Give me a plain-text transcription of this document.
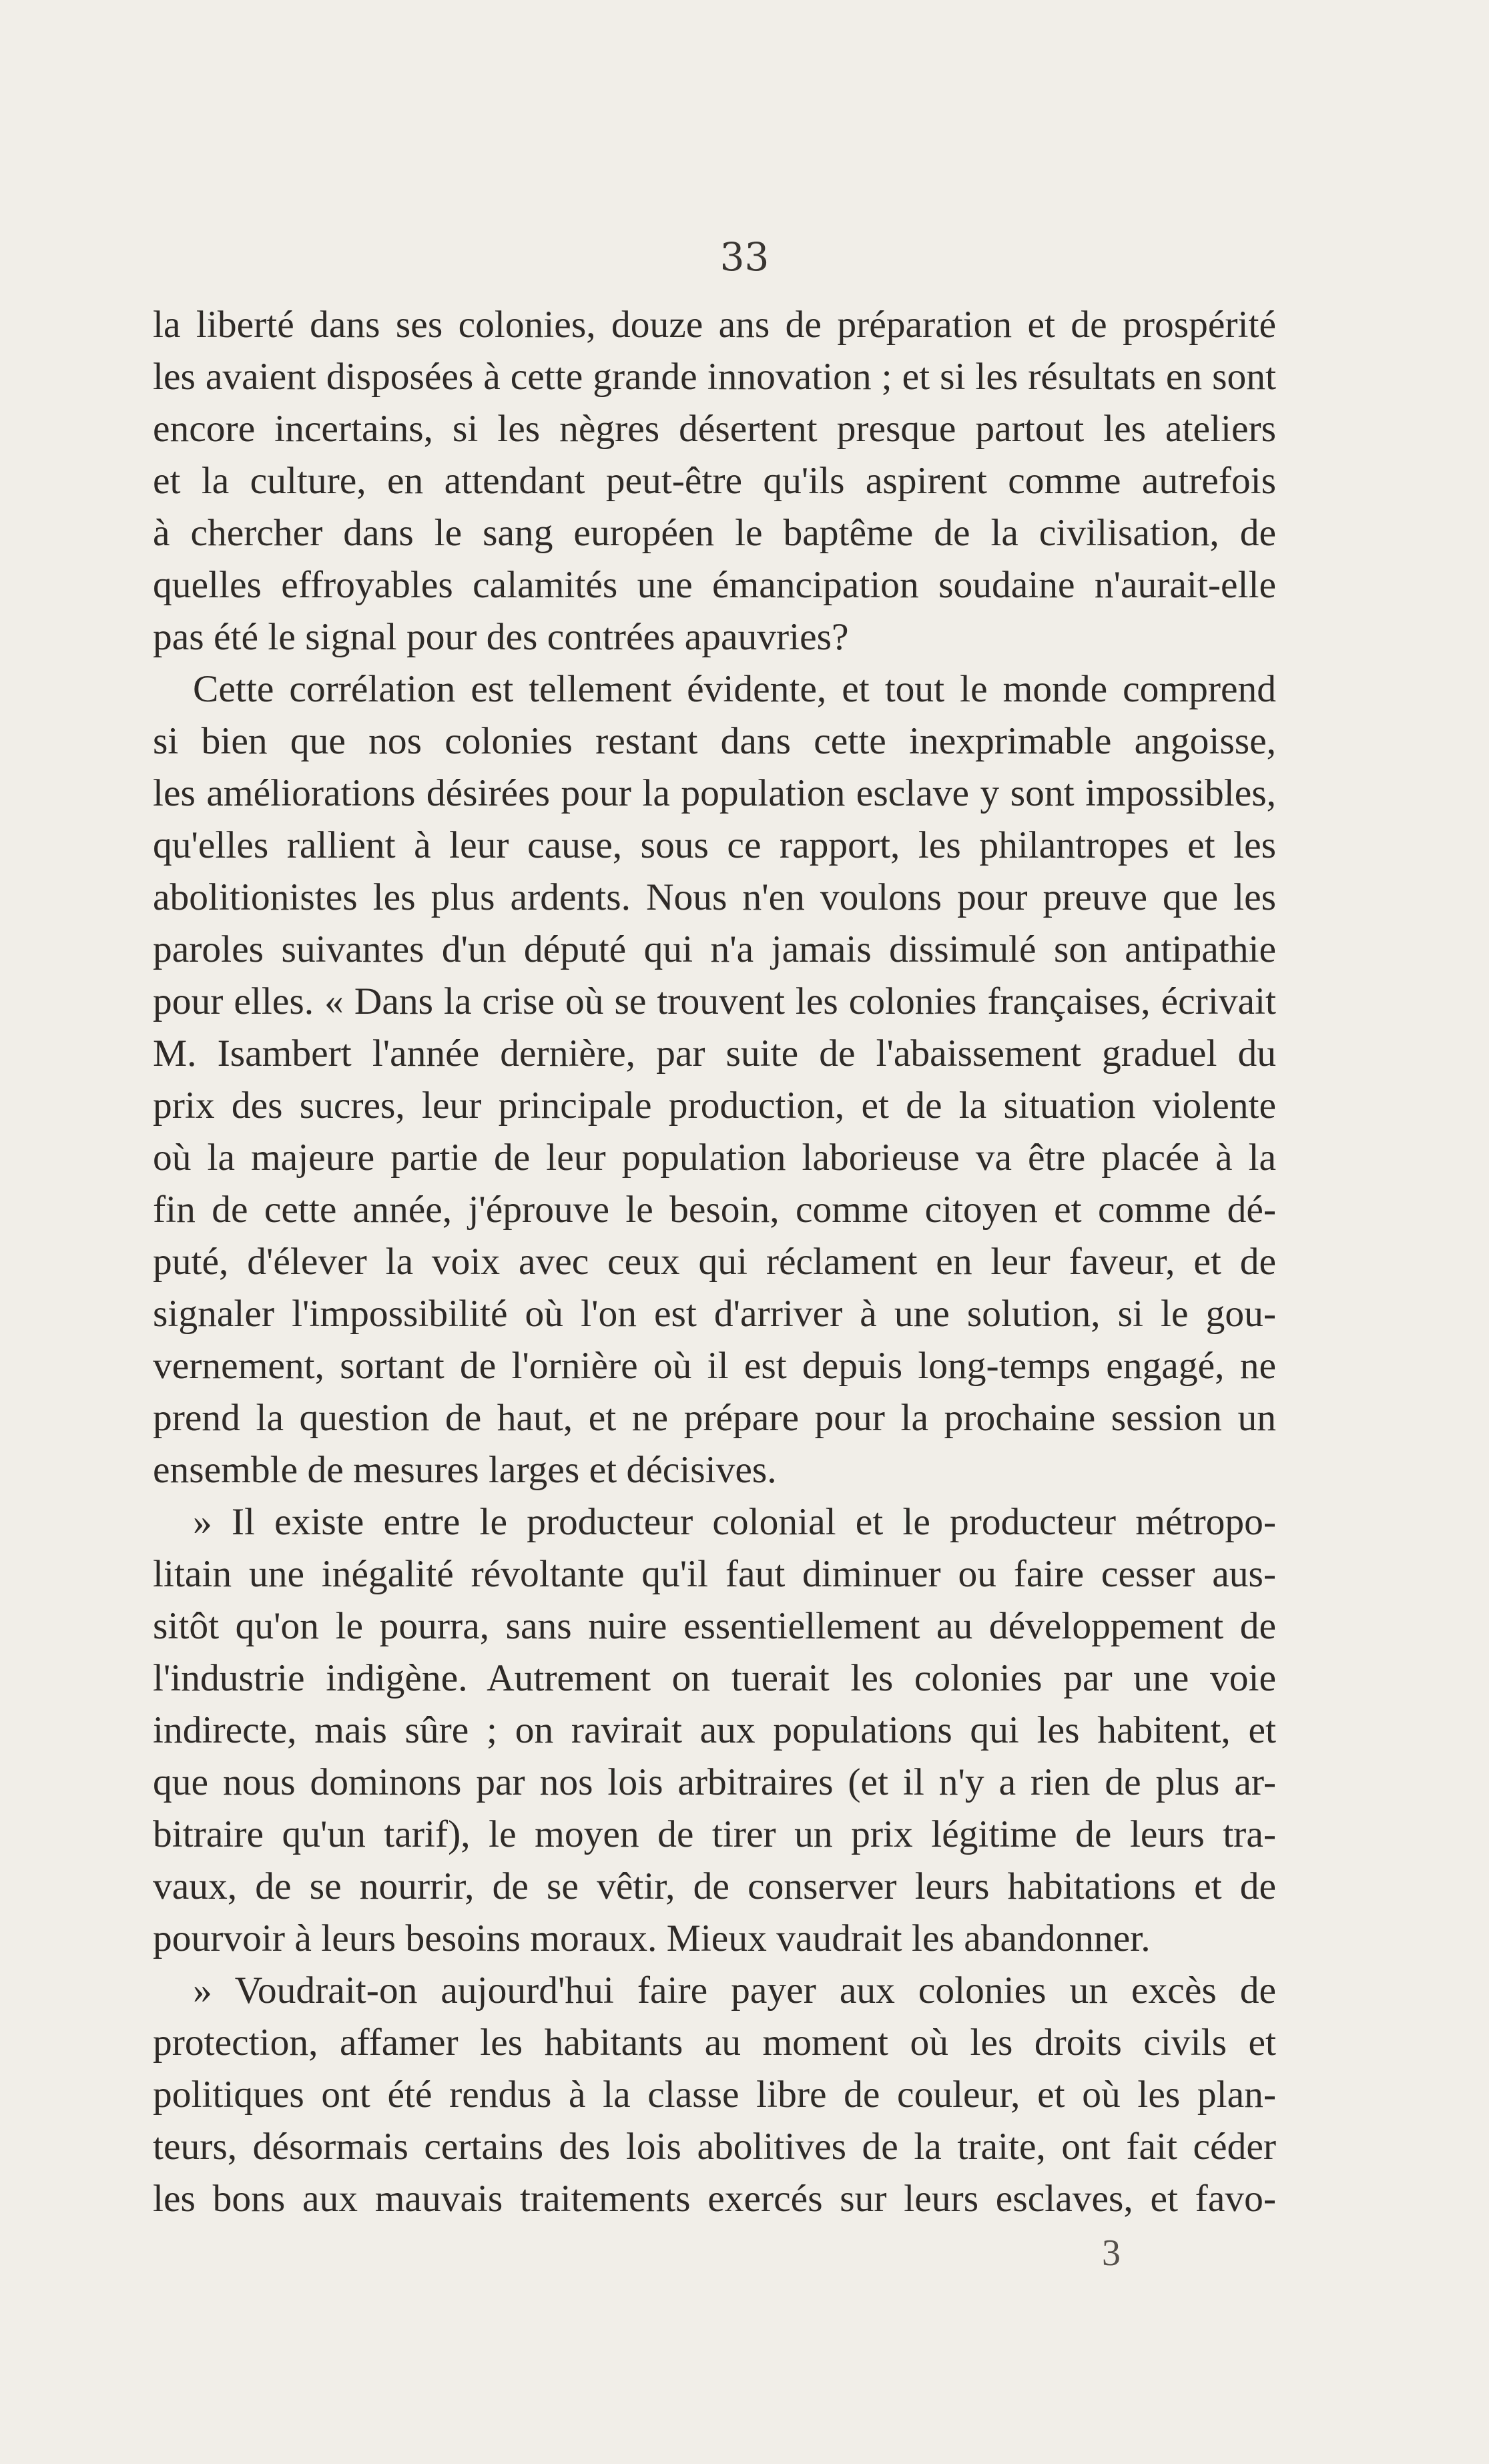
33
la liberté dans ses colonies, douze ans de préparation et de prospérité
les avaient disposées à cette grande innovation ; et si les résultats en sont
encore incertains, si les nègres désertent presque partout les ateliers
et la culture, en attendant peut-être qu'ils aspirent comme autrefois
à chercher dans le sang européen le baptême de la civilisation, de
quelles effroyables calamités une émancipation soudaine n'aurait-elle
pas été le signal pour des contrées apauvries?
Cette corrélation est tellement évidente, et tout le monde comprend
si bien que nos colonies restant dans cette inexprimable angoisse,
les améliorations désirées pour la population esclave y sont impossibles,
qu'elles rallient à leur cause, sous ce rapport, les philantropes et les
abolitionistes les plus ardents. Nous n'en voulons pour preuve que les
paroles suivantes d'un député qui n'a jamais dissimulé son antipathie
pour elles. « Dans la crise où se trouvent les colonies françaises, écrivait
M. Isambert l'année dernière, par suite de l'abaissement graduel du
prix des sucres, leur principale production, et de la situation violente
où la majeure partie de leur population laborieuse va être placée à la
fin de cette année, j'éprouve le besoin, comme citoyen et comme dé-
puté, d'élever la voix avec ceux qui réclament en leur faveur, et de
signaler l'impossibilité où l'on est d'arriver à une solution, si le gou-
vernement, sortant de l'ornière où il est depuis long-temps engagé, ne
prend la question de haut, et ne prépare pour la prochaine session un
ensemble de mesures larges et décisives.
» Il existe entre le producteur colonial et le producteur métropo-
litain une inégalité révoltante qu'il faut diminuer ou faire cesser aus-
sitôt qu'on le pourra, sans nuire essentiellement au développement de
l'industrie indigène. Autrement on tuerait les colonies par une voie
indirecte, mais sûre ; on ravirait aux populations qui les habitent, et
que nous dominons par nos lois arbitraires (et il n'y a rien de plus ar-
bitraire qu'un tarif), le moyen de tirer un prix légitime de leurs tra-
vaux, de se nourrir, de se vêtir, de conserver leurs habitations et de
pourvoir à leurs besoins moraux. Mieux vaudrait les abandonner.
» Voudrait-on aujourd'hui faire payer aux colonies un excès de
protection, affamer les habitants au moment où les droits civils et
politiques ont été rendus à la classe libre de couleur, et où les plan-
teurs, désormais certains des lois abolitives de la traite, ont fait céder
les bons aux mauvais traitements exercés sur leurs esclaves, et favo-
3
